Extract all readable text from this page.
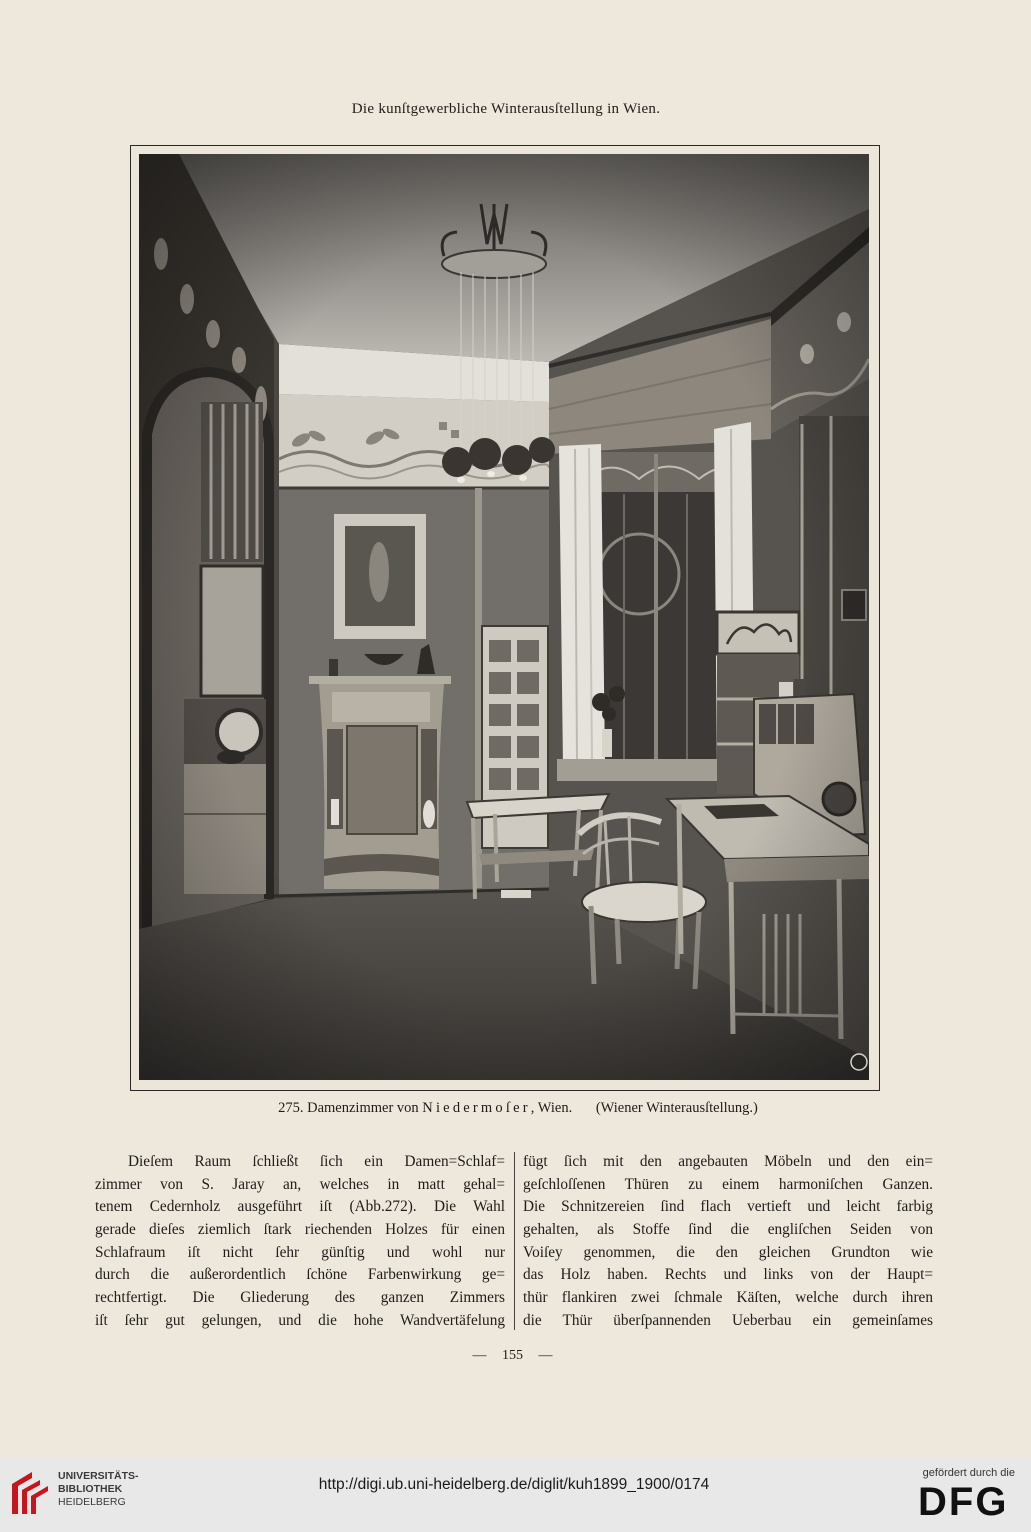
Die kunſtgewerbliche Winterausſtellung in Wien.
275. Damenzimmer von Niedermoſer, Wien. (Wiener Winterausſtellung.)
Dieſem Raum ſchließt ſich ein Damen=Schlaf=
zimmer von S. Jaray an, welches in matt gehal=
tenem Cedernholz ausgeführt iſt (Abb.272). Die Wahl
gerade dieſes ziemlich ſtark riechenden Holzes für einen
Schlafraum iſt nicht ſehr günſtig und wohl nur
durch die außerordentlich ſchöne Farbenwirkung ge=
rechtfertigt. Die Gliederung des ganzen Zimmers
iſt ſehr gut gelungen, und die hohe Wandvertäfelung
fügt ſich mit den angebauten Möbeln und den ein=
geſchloſſenen Thüren zu einem harmoniſchen Ganzen.
Die Schnitzereien ſind flach vertieft und leicht farbig
gehalten, als Stoffe ſind die engliſchen Seiden von
Voiſey genommen, die den gleichen Grundton wie
das Holz haben. Rechts und links von der Haupt=
thür flankiren zwei ſchmale Käſten, welche durch ihren
die Thür überſpannenden Ueberbau ein gemeinſames
— 155 —
UNIVERSITÄTS-
BIBLIOTHEK
HEIDELBERG
http://digi.ub.uni-heidelberg.de/diglit/kuh1899_1900/0174
gefördert durch die
DFG
